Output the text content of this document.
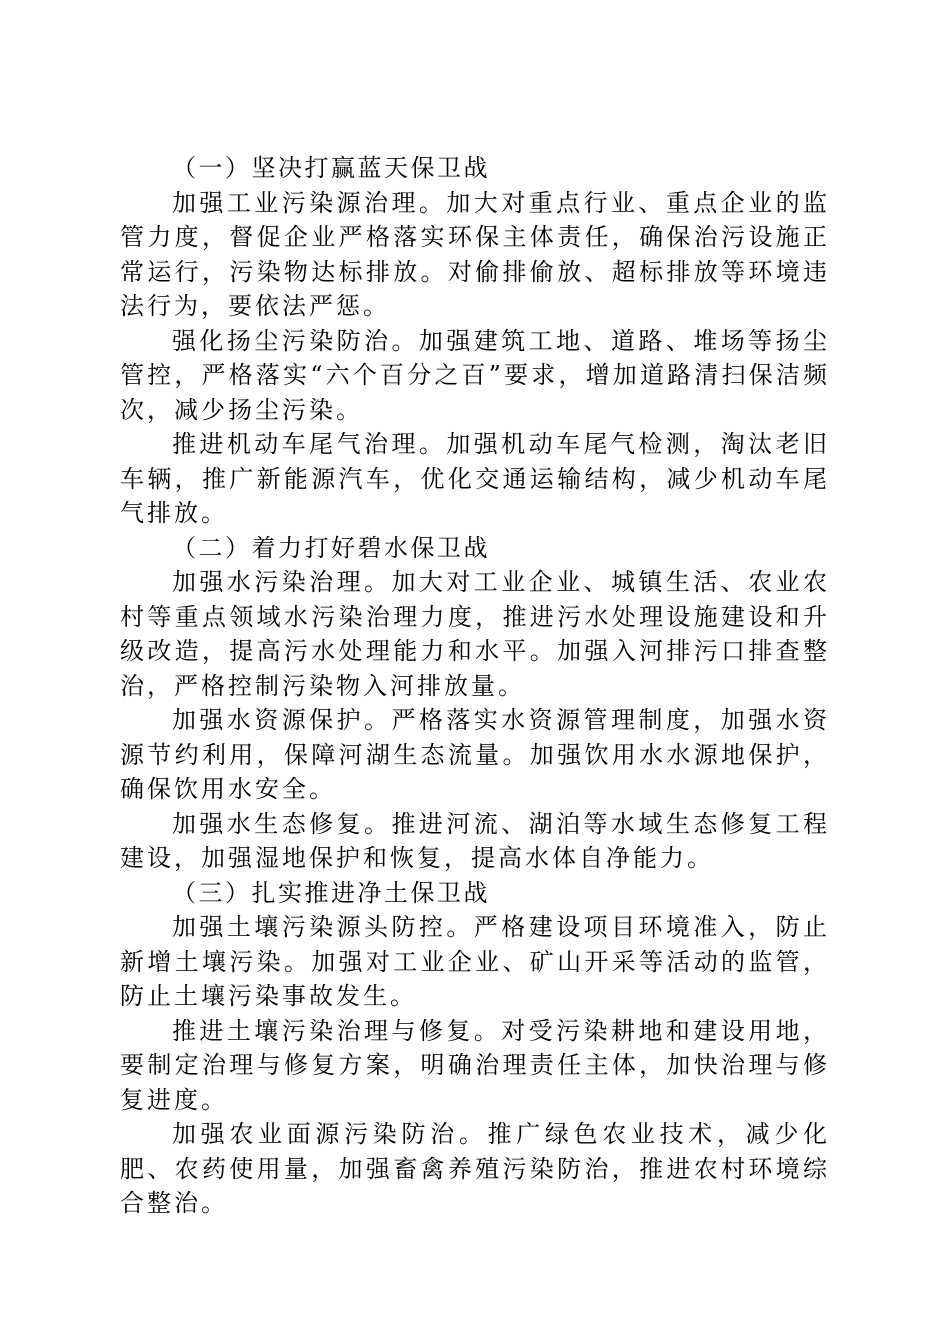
（一）坚决打赢蓝天保卫战

加强工业污染源治理。加大对重点行业、重点企业的监管力度，督促企业严格落实环保主体责任，确保治污设施正常运行，污染物达标排放。对偷排偷放、超标排放等环境违法行为，要依法严惩。

强化扬尘污染防治。加强建筑工地、道路、堆场等扬尘管控，严格落实“六个百分之百”要求，增加道路清扫保洁频次，减少扬尘污染。

推进机动车尾气治理。加强机动车尾气检测，淘汰老旧车辆，推广新能源汽车，优化交通运输结构，减少机动车尾气排放。

（二）着力打好碧水保卫战

加强水污染治理。加大对工业企业、城镇生活、农业农村等重点领域水污染治理力度，推进污水处理设施建设和升级改造，提高污水处理能力和水平。加强入河排污口排查整治，严格控制污染物入河排放量。

加强水资源保护。严格落实水资源管理制度，加强水资源节约利用，保障河湖生态流量。加强饮用水水源地保护，确保饮用水安全。

加强水生态修复。推进河流、湖泊等水域生态修复工程建设，加强湿地保护和恢复，提高水体自净能力。

（三）扎实推进净土保卫战

加强土壤污染源头防控。严格建设项目环境准入，防止新增土壤污染。加强对工业企业、矿山开采等活动的监管，防止土壤污染事故发生。

推进土壤污染治理与修复。对受污染耕地和建设用地，要制定治理与修复方案，明确治理责任主体，加快治理与修复进度。

加强农业面源污染防治。推广绿色农业技术，减少化肥、农药使用量，加强畜禽养殖污染防治，推进农村环境综合整治。
